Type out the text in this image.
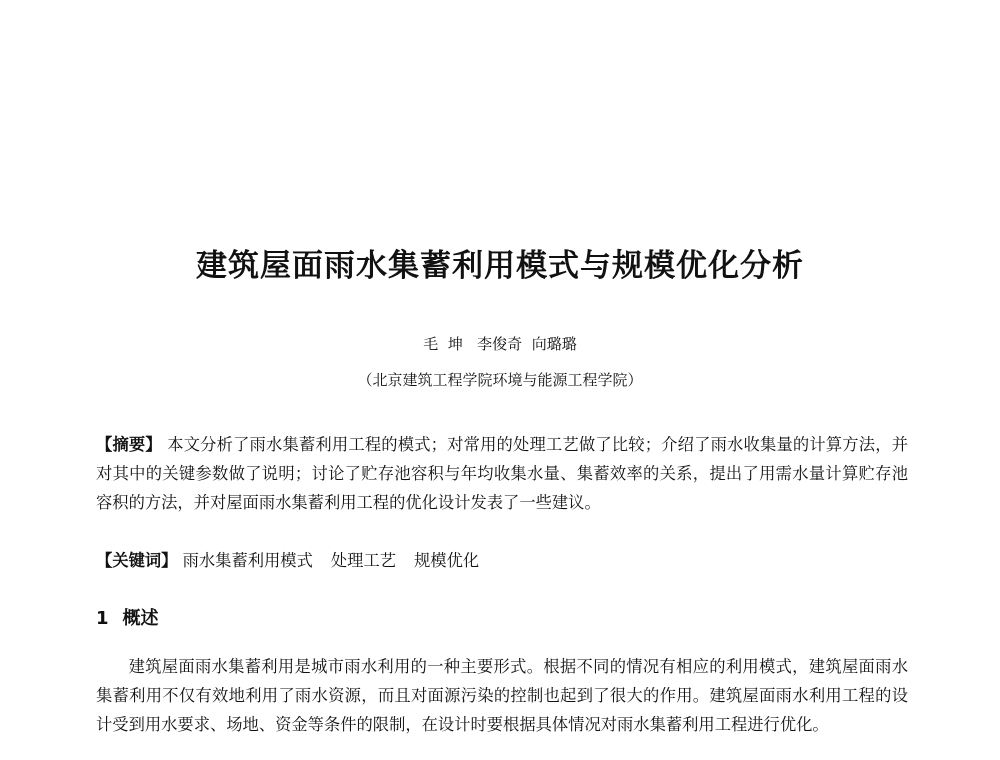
建筑屋面雨水集蓄利用模式与规模优化分析
毛  坤 李俊奇 向璐璐
（北京建筑工程学院环境与能源工程学院）
【摘要】 本文分析了雨水集蓄利用工程的模式；对常用的处理工艺做了比较；介绍了雨水收集量的计算方法，并对其中的关键参数做了说明；讨论了贮存池容积与年均收集水量、集蓄效率的关系，提出了用需水量计算贮存池容积的方法，并对屋面雨水集蓄利用工程的优化设计发表了一些建议。
【关键词】 雨水集蓄利用模式 处理工艺 规模优化
1 概述
建筑屋面雨水集蓄利用是城市雨水利用的一种主要形式。根据不同的情况有相应的利用模式，建筑屋面雨水集蓄利用不仅有效地利用了雨水资源，而且对面源污染的控制也起到了很大的作用。建筑屋面雨水利用工程的设计受到用水要求、场地、资金等条件的限制，在设计时要根据具体情况对雨水集蓄利用工程进行优化。
